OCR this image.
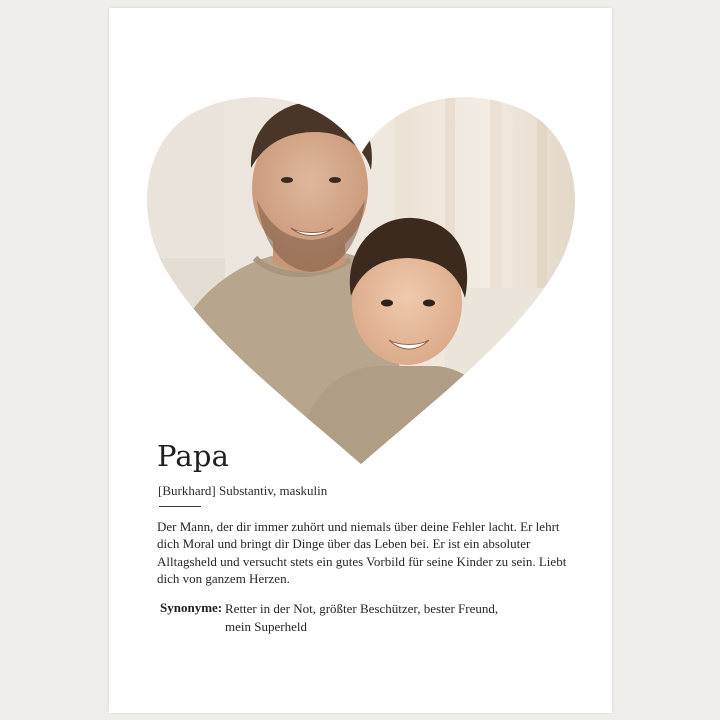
Papa
[Burkhard] Substantiv, maskulin
Der Mann, der dir immer zuhört und niemals über deine Fehler lacht. Er lehrt dich Moral und bringt dir Dinge über das Leben bei. Er ist ein absoluter Alltagsheld und versucht stets ein gutes Vorbild für seine Kinder zu sein. Liebt dich von ganzem Herzen.
Synonyme: Retter in der Not, größter Beschützer, bester Freund, mein Superheld
